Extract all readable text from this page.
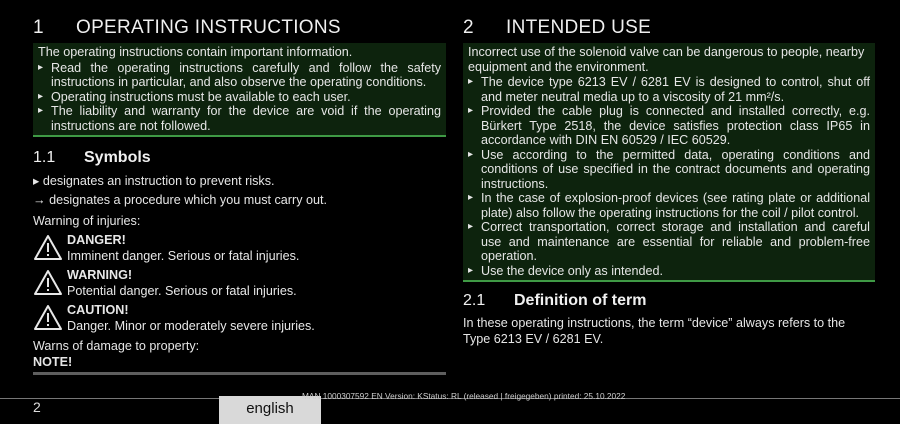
1 OPERATING INSTRUCTIONS
The operating instructions contain important information.
▸ Read the operating instructions carefully and follow the safety instructions in particular, and also observe the operating conditions.
▸ Operating instructions must be available to each user.
▸ The liability and warranty for the device are void if the operating instructions are not followed.
1.1 Symbols
▸ designates an instruction to prevent risks.
→ designates a procedure which you must carry out.
Warning of injuries:
DANGER!
Imminent danger. Serious or fatal injuries.
WARNING!
Potential danger. Serious or fatal injuries.
CAUTION!
Danger. Minor or moderately severe injuries.
Warns of damage to property:
NOTE!
2 INTENDED USE
Incorrect use of the solenoid valve can be dangerous to people, nearby equipment and the environment.
▸ The device type 6213 EV / 6281 EV is designed to control, shut off and meter neutral media up to a viscosity of 21 mm²/s.
▸ Provided the cable plug is connected and installed correctly, e.g. Bürkert Type 2518, the device satisfies protection class IP65 in accordance with DIN EN 60529 / IEC 60529.
▸ Use according to the permitted data, operating conditions and conditions of use specified in the contract documents and operating instructions.
▸ In the case of explosion-proof devices (see rating plate or additional plate) also follow the operating instructions for the coil / pilot control.
▸ Correct transportation, correct storage and installation and careful use and maintenance are essential for reliable and problem-free operation.
▸ Use the device only as intended.
2.1 Definition of term
In these operating instructions, the term “device” always refers to the Type 6213 EV / 6281 EV.
2	english
MAN 1000307592 EN Version: KStatus: RL (released | freigegeben) printed: 25.10.2022
